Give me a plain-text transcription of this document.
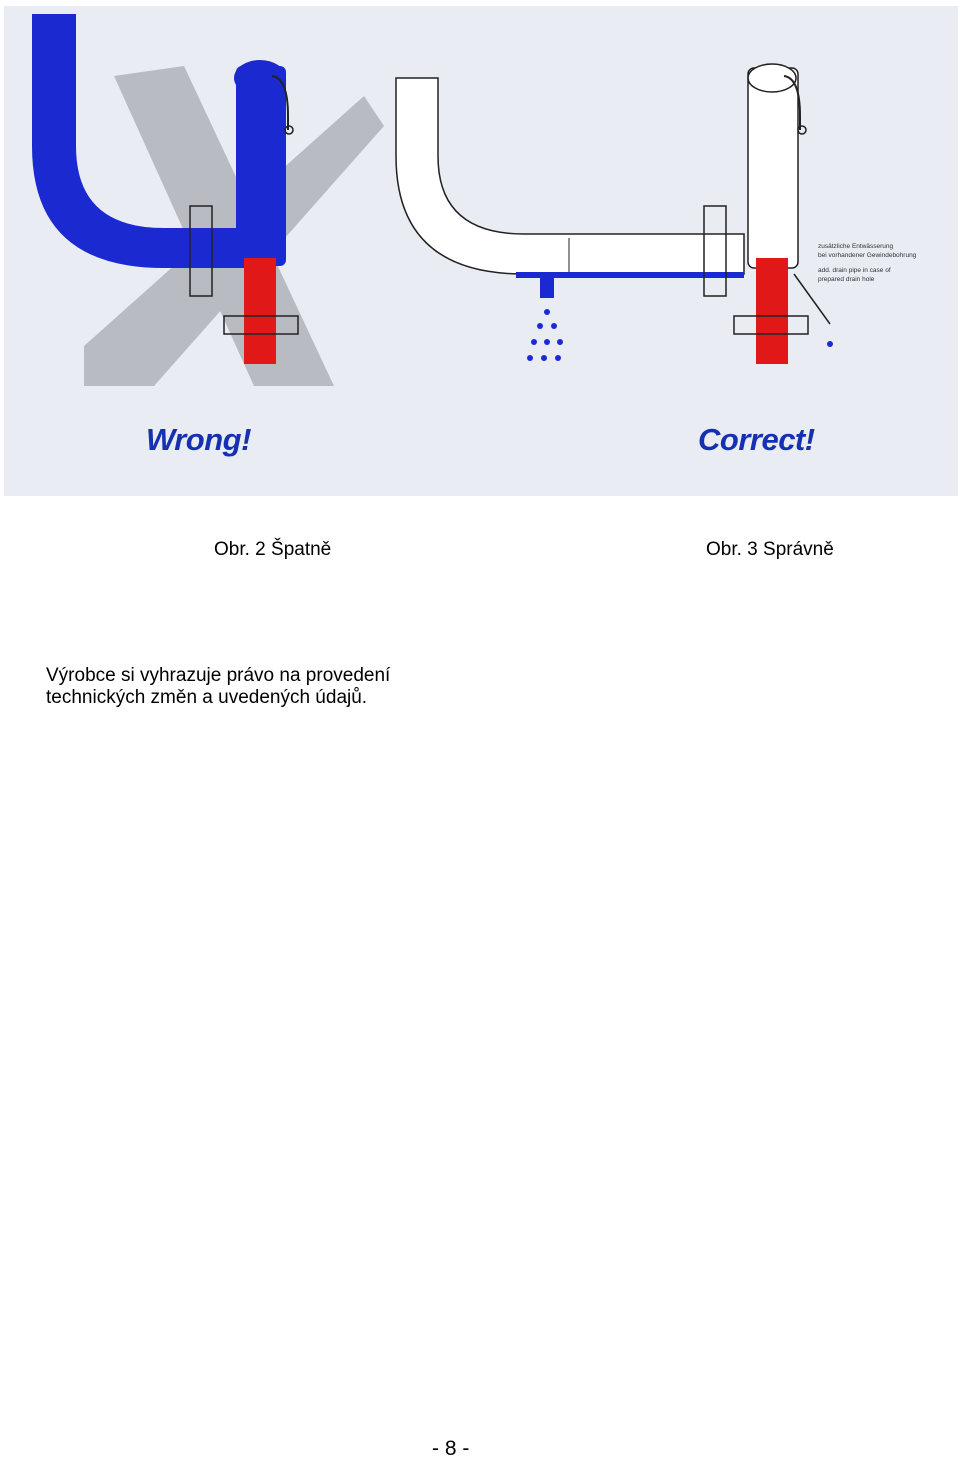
zusätzliche Entwässerung
bei vorhandener Gewindebohrung
add. drain pipe in case of
prepared drain hole
Wrong!	Correct!
Obr. 2 Špatně	Obr. 3 Správně
Výrobce si vyhrazuje právo na provedení
technických změn a uvedených údajů.
- 8 -
